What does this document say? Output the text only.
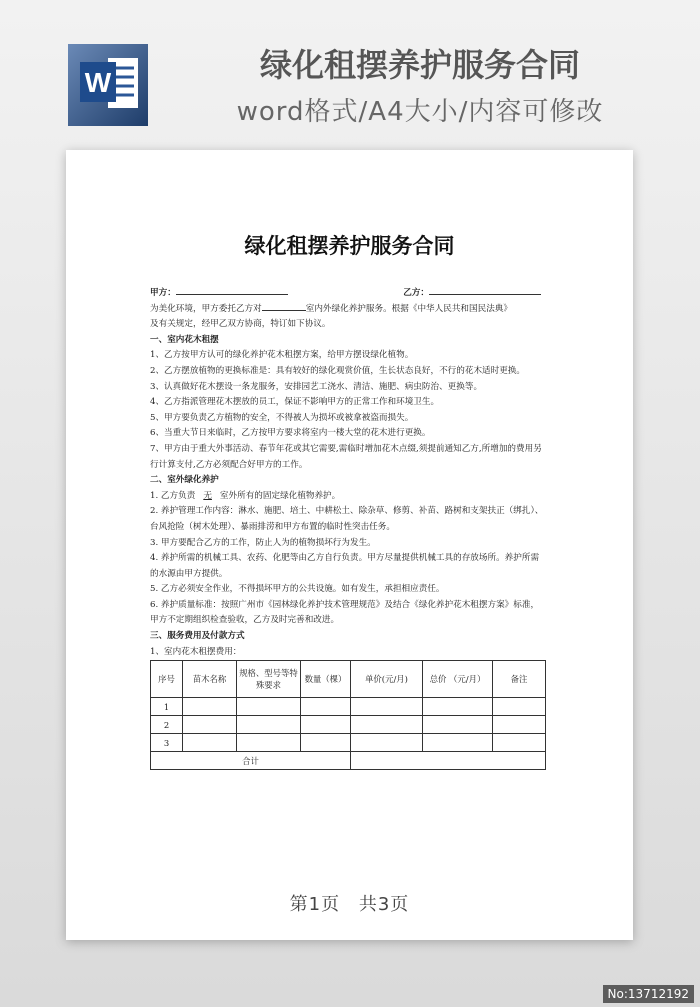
W	绿化租摆养护服务合同
word格式/A4大小/内容可修改
绿化租摆养护服务合同
甲方：	乙方：

为美化环境，甲方委托乙方对	室内外绿化养护服务。根据《中华人民共和国民法典》
及有关规定，经甲乙双方协商，特订如下协议。

一、室内花木租摆

1、乙方按甲方认可的绿化养护花木租摆方案，给甲方摆设绿化植物。

2、乙方摆放植物的更换标准是：具有较好的绿化观赏价值，生长状态良好，不行的花木适时更换。

3、认真做好花木摆设一条龙服务，安排园艺工浇水、清洁、施肥、病虫防治、更换等。

4、乙方指派管理花木摆放的员工，保证不影响甲方的正常工作和环境卫生。

5、甲方要负责乙方植物的安全，不得被人为损坏或被拿被盗而损失。

6、当重大节日来临时，乙方按甲方要求将室内一楼大堂的花木进行更换。

7、甲方由于重大外事活动、春节年花或其它需要,需临时增加花木点缀,须提前通知乙方,所增加的费用另行计算支付,乙方必须配合好甲方的工作。

二、室外绿化养护

1. 乙方负责 无 室外所有的固定绿化植物养护。

2. 养护管理工作内容：淋水、施肥、培土、中耕松土、除杂草、修剪、补苗、路树和支架扶正（绑扎）、台风抢险（树木处理）、暴雨排涝和甲方布置的临时性突击任务。

3. 甲方要配合乙方的工作，防止人为的植物损坏行为发生。

4. 养护所需的机械工具、农药、化肥等由乙方自行负责。甲方尽量提供机械工具的存放场所。养护所需的水源由甲方提供。

5. 乙方必须安全作业，不得损坏甲方的公共设施。如有发生，承担相应责任。

6. 养护质量标准：按照广州市《园林绿化养护技术管理规范》及结合《绿化养护花木租摆方案》标准，甲方不定期组织检查验收，乙方及时完善和改进。

三、服务费用及付款方式

1、室内花木租摆费用：

序号	苗木名称	规格、型号等特殊要求	数量（棵）	单价(元/月)	总价 （元/月）	备注
1						
2						
3						
合计						
第1页 共3页
No:13712192
